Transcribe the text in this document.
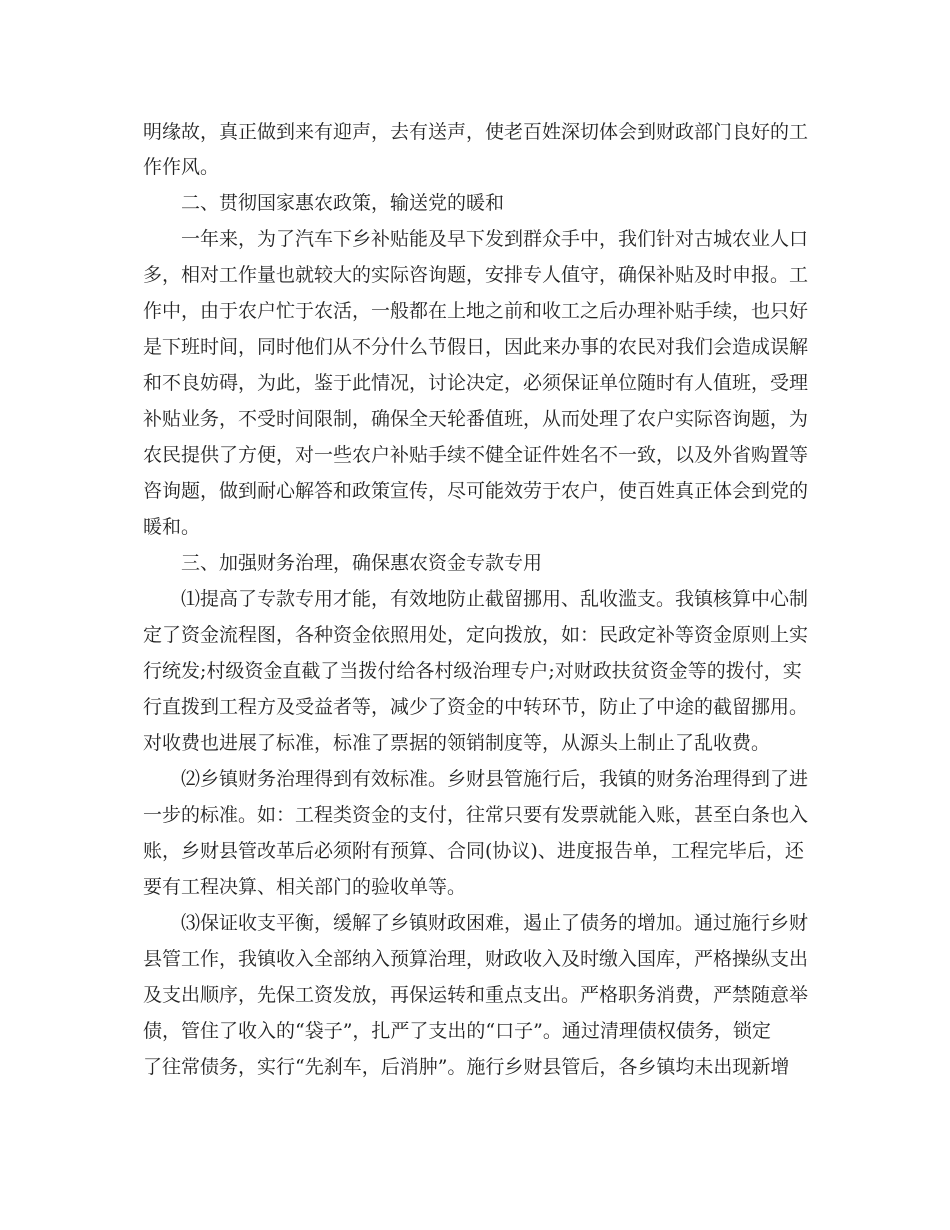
明缘故，真正做到来有迎声，去有送声，使老百姓深切体会到财政部门良好的工
作作风。
二、贯彻国家惠农政策，输送党的暖和
一年来，为了汽车下乡补贴能及早下发到群众手中，我们针对古城农业人口
多，相对工作量也就较大的实际咨询题，安排专人值守，确保补贴及时申报。工
作中，由于农户忙于农活，一般都在上地之前和收工之后办理补贴手续，也只好
是下班时间，同时他们从不分什么节假日，因此来办事的农民对我们会造成误解
和不良妨碍，为此，鉴于此情况，讨论决定，必须保证单位随时有人值班，受理
补贴业务，不受时间限制，确保全天轮番值班，从而处理了农户实际咨询题，为
农民提供了方便，对一些农户补贴手续不健全证件姓名不一致，以及外省购置等
咨询题，做到耐心解答和政策宣传，尽可能效劳于农户，使百姓真正体会到党的
暖和。
三、加强财务治理，确保惠农资金专款专用
⑴提高了专款专用才能，有效地防止截留挪用、乱收滥支。我镇核算中心制
定了资金流程图，各种资金依照用处，定向拨放，如：民政定补等资金原则上实
行统发;村级资金直截了当拨付给各村级治理专户;对财政扶贫资金等的拨付，实
行直拨到工程方及受益者等，减少了资金的中转环节，防止了中途的截留挪用。
对收费也进展了标准，标准了票据的领销制度等，从源头上制止了乱收费。
⑵乡镇财务治理得到有效标准。乡财县管施行后，我镇的财务治理得到了进
一步的标准。如：工程类资金的支付，往常只要有发票就能入账，甚至白条也入
账，乡财县管改革后必须附有预算、合同(协议)、进度报告单，工程完毕后，还
要有工程决算、相关部门的验收单等。
⑶保证收支平衡，缓解了乡镇财政困难，遏止了债务的增加。通过施行乡财
县管工作，我镇收入全部纳入预算治理，财政收入及时缴入国库，严格操纵支出
及支出顺序，先保工资发放，再保运转和重点支出。严格职务消费，严禁随意举
债，管住了收入的“袋子”，扎严了支出的“口子”。通过清理债权债务，锁定
了往常债务，实行“先刹车，后消肿”。施行乡财县管后，各乡镇均未出现新增
